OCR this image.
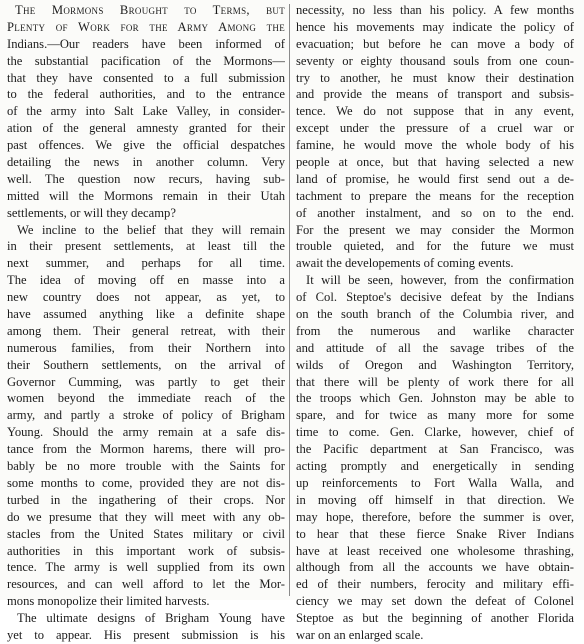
The Mormons Brought to Terms, but
Plenty of Work for the Army Among the
Indians.—Our readers have been informed of
the substantial pacification of the Mormons—
that they have consented to a full submission
to the federal authorities, and to the entrance
of the army into Salt Lake Valley, in consider-
ation of the general amnesty granted for their
past offences. We give the official despatches
detailing the news in another column. Very
well. The question now recurs, having sub-
mitted will the Mormons remain in their Utah
settlements, or will they decamp?
We incline to the belief that they will remain
in their present settlements, at least till the
next summer, and perhaps for all time.
The idea of moving off en masse into a
new country does not appear, as yet, to
have assumed anything like a definite shape
among them. Their general retreat, with their
numerous families, from their Northern into
their Southern settlements, on the arrival of
Governor Cumming, was partly to get their
women beyond the immediate reach of the
army, and partly a stroke of policy of Brigham
Young. Should the army remain at a safe dis-
tance from the Mormon harems, there will pro-
bably be no more trouble with the Saints for
some months to come, provided they are not dis-
turbed in the ingathering of their crops. Nor
do we presume that they will meet with any ob-
stacles from the United States military or civil
authorities in this important work of subsis-
tence. The army is well supplied from its own
resources, and can well afford to let the Mor-
mons monopolize their limited harvests.
The ultimate designs of Brigham Young have
yet to appear. His present submission is his
necessity, no less than his policy. A few months
hence his movements may indicate the policy of
evacuation; but before he can move a body of
seventy or eighty thousand souls from one coun-
try to another, he must know their destination
and provide the means of transport and subsis-
tence. We do not suppose that in any event,
except under the pressure of a cruel war or
famine, he would move the whole body of his
people at once, but that having selected a new
land of promise, he would first send out a de-
tachment to prepare the means for the reception
of another instalment, and so on to the end.
For the present we may consider the Mormon
trouble quieted, and for the future we must
await the developements of coming events.
It will be seen, however, from the confirmation
of Col. Steptoe's decisive defeat by the Indians
on the south branch of the Columbia river, and
from the numerous and warlike character
and attitude of all the savage tribes of the
wilds of Oregon and Washington Territory,
that there will be plenty of work there for all
the troops which Gen. Johnston may be able to
spare, and for twice as many more for some
time to come. Gen. Clarke, however, chief of
the Pacific department at San Francisco, was
acting promptly and energetically in sending
up reinforcements to Fort Walla Walla, and
in moving off himself in that direction. We
may hope, therefore, before the summer is over,
to hear that these fierce Snake River Indians
have at least received one wholesome thrashing,
although from all the accounts we have obtain-
ed of their numbers, ferocity and military effi-
ciency we may set down the defeat of Colonel
Steptoe as but the beginning of another Florida
war on an enlarged scale.
